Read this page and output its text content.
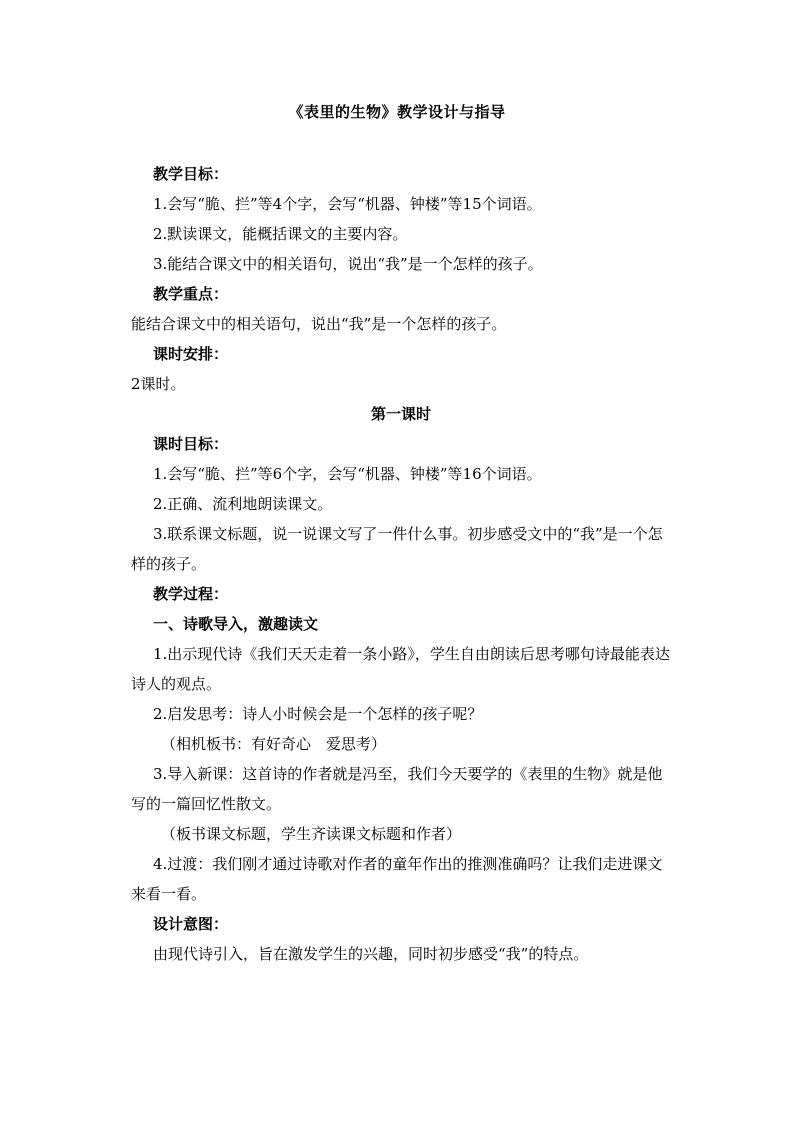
《表里的生物》教学设计与指导
教学目标：
1.会写“脆、拦”等4个字，会写“机器、钟楼”等15个词语。
2.默读课文，能概括课文的主要内容。
3.能结合课文中的相关语句，说出“我”是一个怎样的孩子。
教学重点：
能结合课文中的相关语句，说出“我”是一个怎样的孩子。
课时安排：
2课时。
第一课时
课时目标：
1.会写“脆、拦”等6个字，会写“机器、钟楼”等16个词语。
2.正确、流利地朗读课文。
3.联系课文标题，说一说课文写了一件什么事。初步感受文中的“我”是一个怎样的孩子。
教学过程：
一、诗歌导入，激趣读文
1.出示现代诗《我们天天走着一条小路》，学生自由朗读后思考哪句诗最能表达诗人的观点。
2.启发思考：诗人小时候会是一个怎样的孩子呢？
（相机板书：有好奇心　爱思考）
3.导入新课：这首诗的作者就是冯至，我们今天要学的《表里的生物》就是他写的一篇回忆性散文。
（板书课文标题，学生齐读课文标题和作者）
4.过渡：我们刚才通过诗歌对作者的童年作出的推测准确吗？让我们走进课文来看一看。
设计意图：
由现代诗引入，旨在激发学生的兴趣，同时初步感受“我”的特点。
